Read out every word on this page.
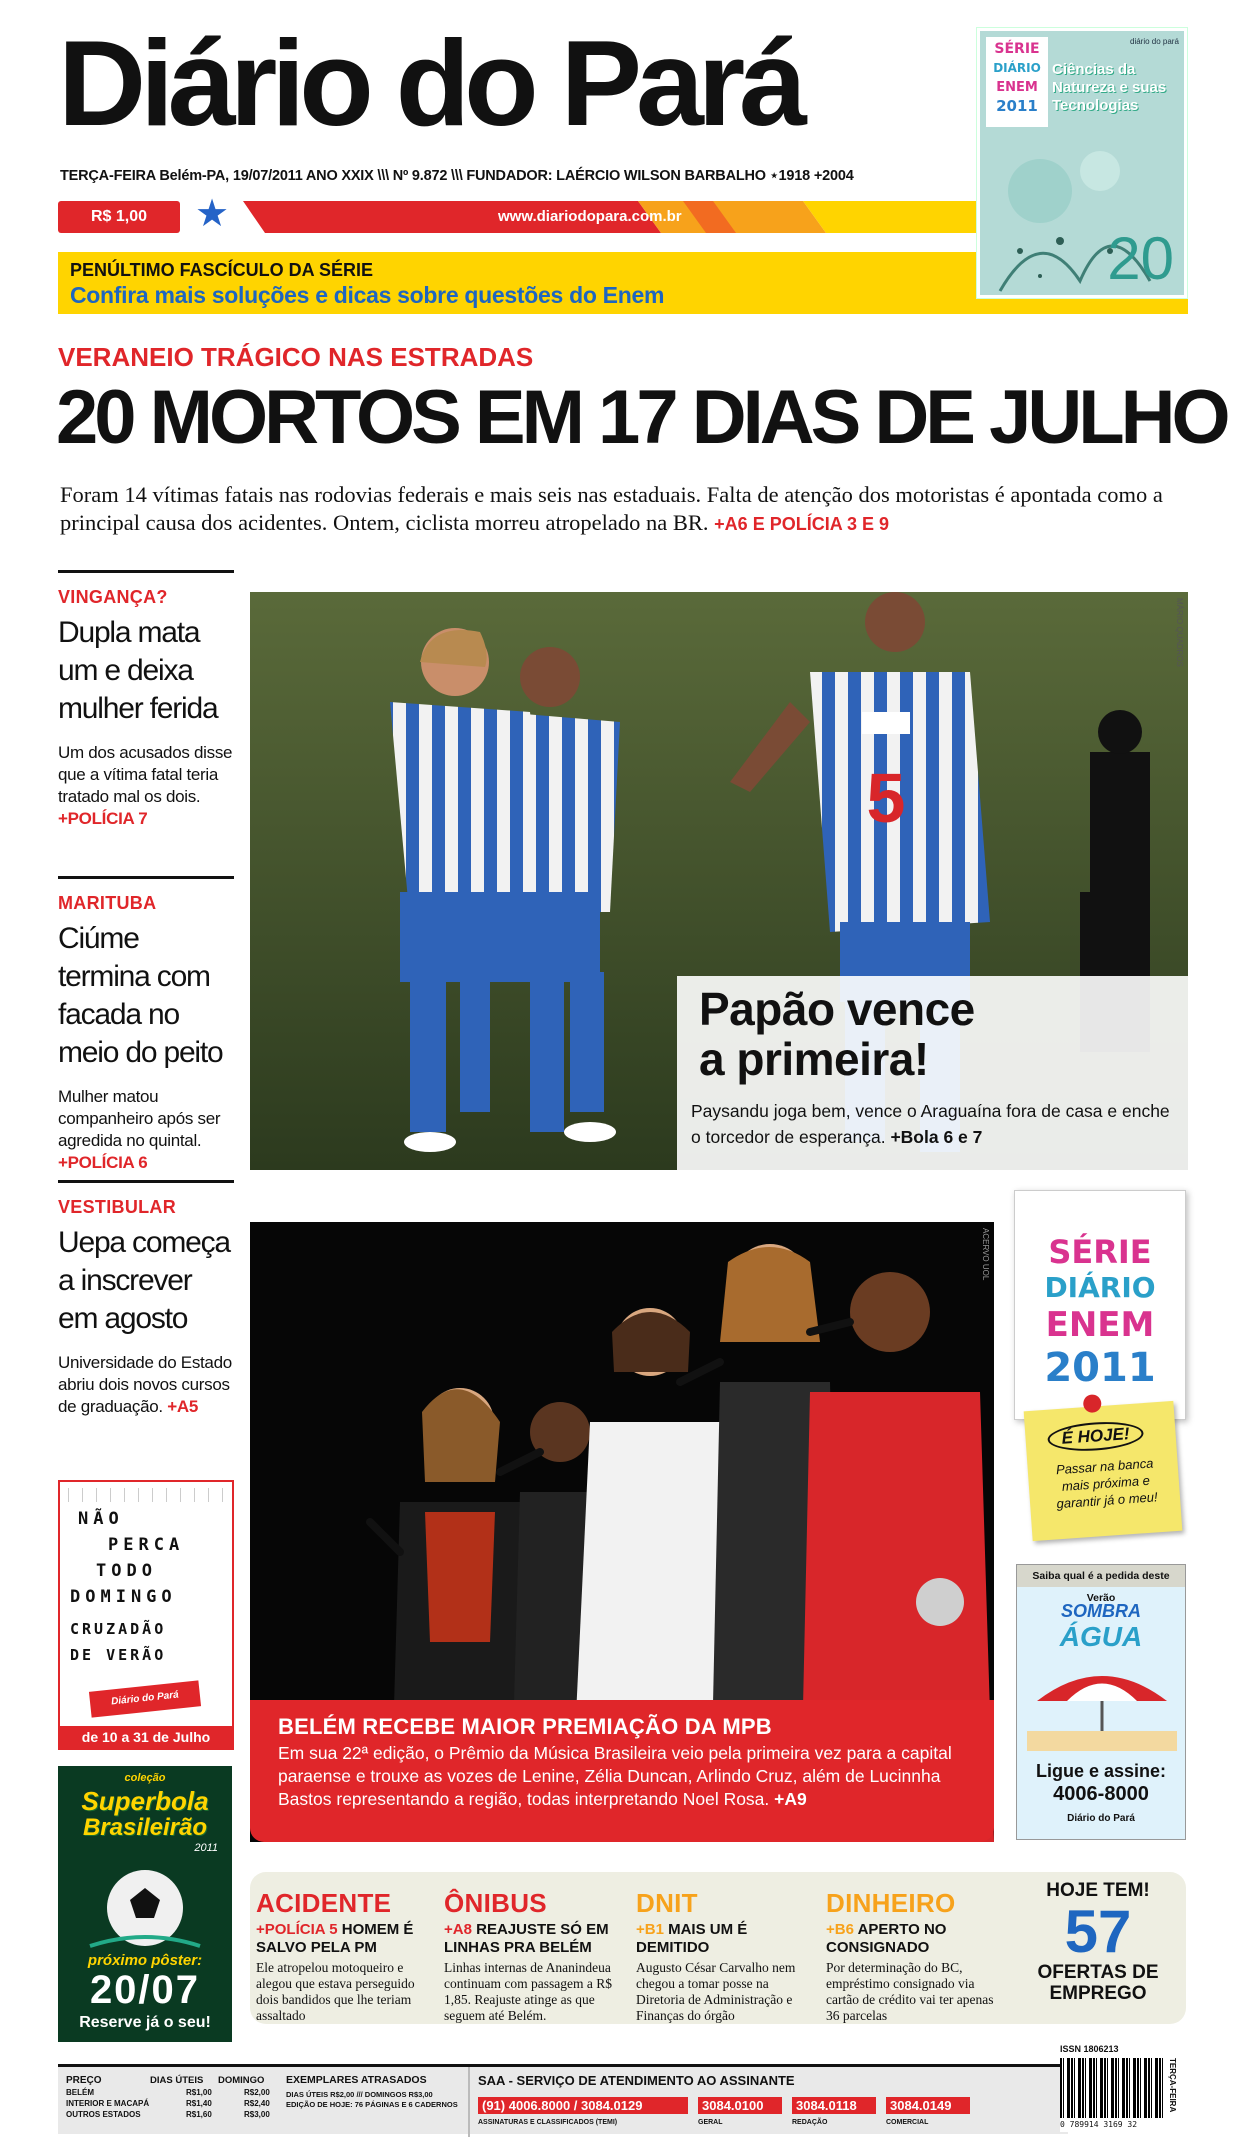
Diário do Pará
TERÇA-FEIRA Belém-PA, 19/07/2011 ANO XXIX \\\ Nº 9.872 \\\ FUNDADOR: LAÉRCIO WILSON BARBALHO ⋆1918 +2004
R$ 1,00	★	www.diariodopara.com.br
PENÚLTIMO FASCÍCULO DA SÉRIE
Confira mais soluções e dicas sobre questões do Enem
SÉRIE
DIÁRIO
ENEM
2011
diário do pará
Ciências da Natureza e suas Tecnologias
20
VERANEIO TRÁGICO NAS ESTRADAS
20 MORTOS EM 17 DIAS DE JULHO
Foram 14 vítimas fatais nas rodovias federais e mais seis nas estaduais. Falta de atenção dos motoristas é apontada como a principal causa dos acidentes. Ontem, ciclista morreu atropelado na BR. +A6 E POLÍCIA 3 E 9
VINGANÇA?
Dupla mata um e deixa mulher ferida
Um dos acusados disse que a vítima fatal teria tratado mal os dois. +POLÍCIA 7
MARITUBA
Ciúme termina com facada no meio do peito
Mulher matou companheiro após ser agredida no quintal. +POLÍCIA 6
VESTIBULAR
Uepa começa a inscrever em agosto
Universidade do Estado abriu dois novos cursos de graduação. +A5
5
MÁRIO QUADROS
Papão vence
a primeira!
Paysandu joga bem, vence o Araguaína fora de casa e enche o torcedor de esperança. +Bola 6 e 7
ACERVO UOL
BELÉM RECEBE MAIOR PREMIAÇÃO DA MPB
Em sua 22ª edição, o Prêmio da Música Brasileira veio pela primeira vez para a capital paraense e trouxe as vozes de Lenine, Zélia Duncan, Arlindo Cruz, além de Lucinnha Bastos representando a região, todas interpretando Noel Rosa. +A9
SÉRIE
DIÁRIO
ENEM
2011
É HOJE!
Passar na banca mais próxima e garantir já o meu!
Saiba qual é a pedida deste Verão
SOMBRA
ÁGUA
Ligue e assine:
4006-8000
Diário do Pará
NÃO
PERCA
TODO
DOMINGO
CRUZADÃO
DE VERÃO
Diário do Pará
de 10 a 31 de Julho
coleção
Superbola
Brasileirão
2011
próximo pôster:
20/07
Reserve já o seu!
ACIDENTE
+POLÍCIA 5 HOMEM É SALVO PELA PM
Ele atropelou motoqueiro e alegou que estava perseguido dois bandidos que lhe teriam assaltado
ÔNIBUS
+A8 REAJUSTE SÓ EM LINHAS PRA BELÉM
Linhas internas de Ananindeua continuam com passagem a R$ 1,85. Reajuste atinge as que seguem até Belém.
DNIT
+B1 MAIS UM É DEMITIDO
Augusto César Carvalho nem chegou a tomar posse na Diretoria de Administração e Finanças do órgão
DINHEIRO
+B6 APERTO NO CONSIGNADO
Por determinação do BC, empréstimo consignado via cartão de crédito vai ter apenas 36 parcelas
HOJE TEM!
57
OFERTAS DE
EMPREGO
PREÇO
BELÉM
INTERIOR E MACAPÁ
OUTROS ESTADOS
DIAS ÚTEIS
R$1,00
R$1,40
R$1,60
DOMINGO
R$2,00
R$2,40
R$3,00
EXEMPLARES ATRASADOS
DIAS ÚTEIS R$2,00 /// DOMINGOS R$3,00
EDIÇÃO DE HOJE: 76 PÁGINAS E 6 CADERNOS
SAA - SERVIÇO DE ATENDIMENTO AO ASSINANTE
(91) 4006.8000 / 3084.0129
ASSINATURAS E CLASSIFICADOS (TEMI)
3084.0100
GERAL
3084.0118
REDAÇÃO
3084.0149
COMERCIAL
ISSN 1806213
0 789914 3169 32
TERÇA-FEIRA
